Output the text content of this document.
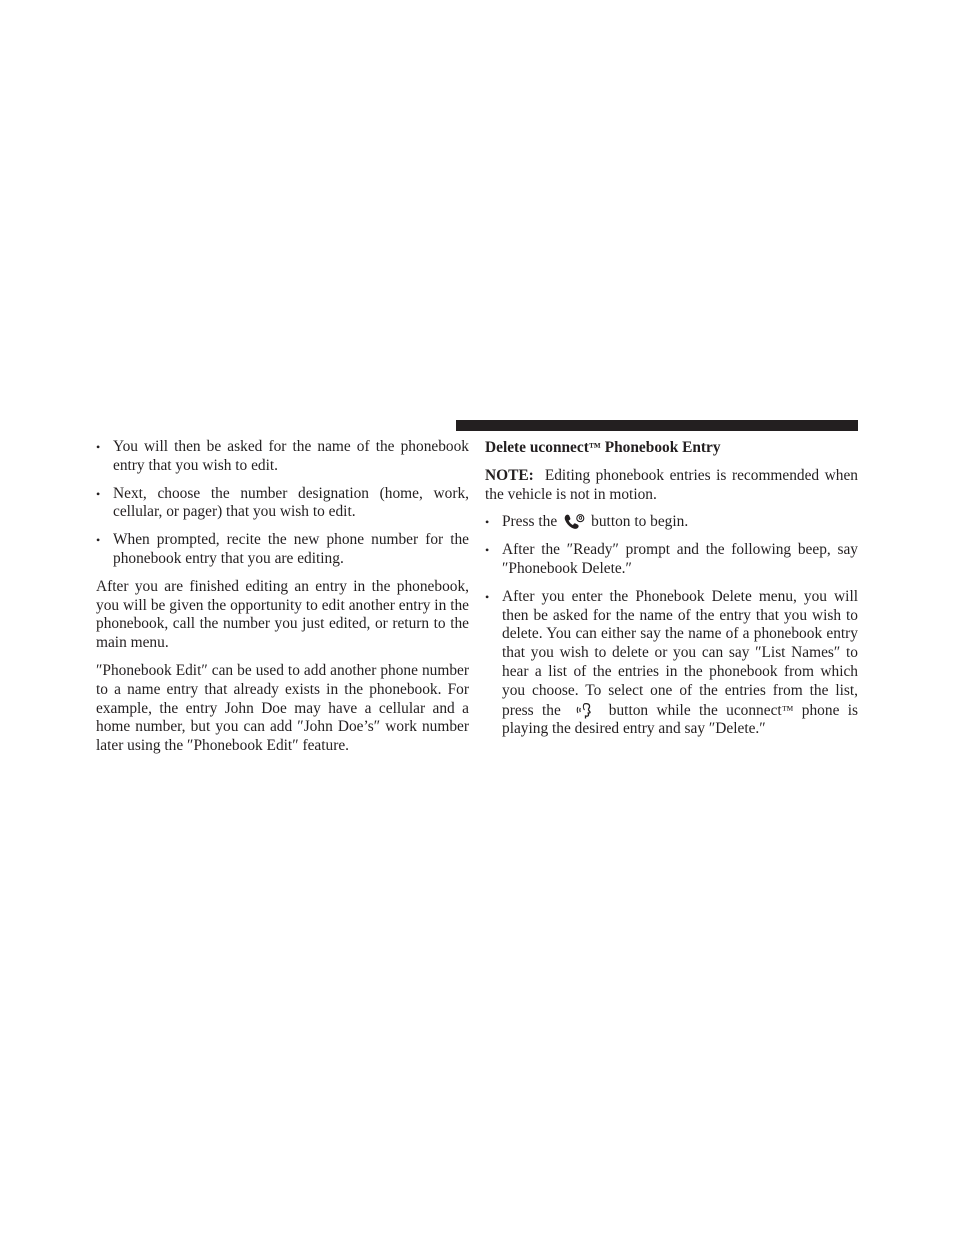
• You will then be asked for the name of the phonebook entry that you wish to edit.
• Next, choose the number designation (home, work, cellular, or pager) that you wish to edit.
• When prompted, recite the new phone number for the phonebook entry that you are editing.

After you are finished editing an entry in the phonebook, you will be given the opportunity to edit another entry in the phonebook, call the number you just edited, or return to the main menu.

″Phonebook Edit″ can be used to add another phone number to a name entry that already exists in the phonebook. For example, the entry John Doe may have a cellular and a home number, but you can add ″John Doe’s″ work number later using the ″Phonebook Edit″ feature.

Delete uconnect™ Phonebook Entry

NOTE: Editing phonebook entries is recommended when the vehicle is not in motion.

• Press the button to begin.
• After the ″Ready″ prompt and the following beep, say ″Phonebook Delete.″
• After you enter the Phonebook Delete menu, you will then be asked for the name of the entry that you wish to delete. You can either say the name of a phonebook entry that you wish to delete or you can say ″List Names″ to hear a list of the entries in the phonebook from which you choose. To select one of the entries from the list, press the	button while the uconnect™ phone is playing the desired entry and say ″Delete.″
